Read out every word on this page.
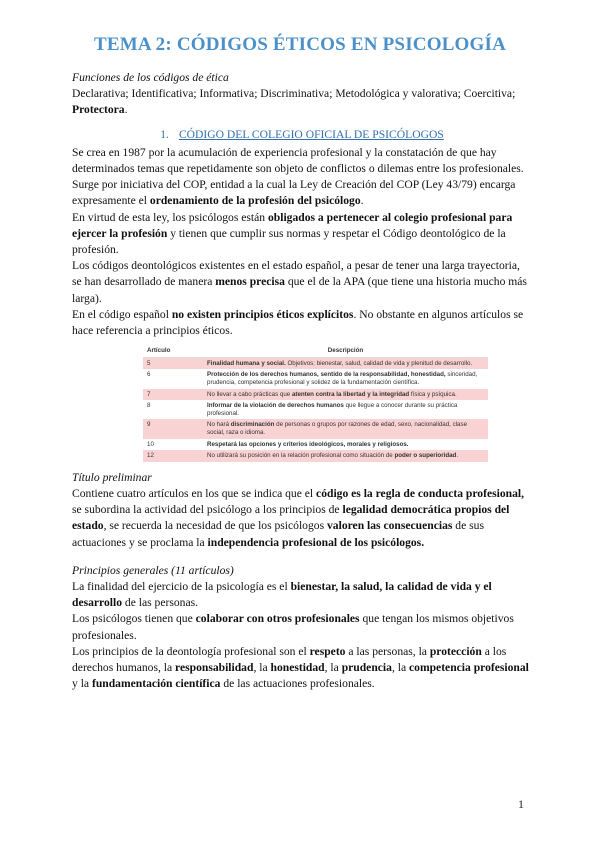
TEMA 2: CÓDIGOS ÉTICOS EN PSICOLOGÍA

Funciones de los códigos de ética

Declarativa; Identificativa; Informativa; Discriminativa; Metodológica y valorativa; Coercitiva; Protectora.

1. CÓDIGO DEL COLEGIO OFICIAL DE PSICÓLOGOS

Se crea en 1987 por la acumulación de experiencia profesional y la constatación de que hay determinados temas que repetidamente son objeto de conflictos o dilemas entre los profesionales.

Surge por iniciativa del COP, entidad a la cual la Ley de Creación del COP (Ley 43/79) encarga expresamente el ordenamiento de la profesión del psicólogo.

En virtud de esta ley, los psicólogos están obligados a pertenecer al colegio profesional para ejercer la profesión y tienen que cumplir sus normas y respetar el Código deontológico de la profesión.

Los códigos deontológicos existentes en el estado español, a pesar de tener una larga trayectoria, se han desarrollado de manera menos precisa que el de la APA (que tiene una historia mucho más larga).

En el código español no existen principios éticos explícitos. No obstante en algunos artículos se hace referencia a principios éticos.

Artículo	Descripción
5	Finalidad humana y social. Objetivos: bienestar, salud, calidad de vida y plenitud de desarrollo.
6	Protección de los derechos humanos, sentido de la responsabilidad, honestidad, sinceridad, prudencia, competencia profesional y solidez de la fundamentación científica.
7	No llevar a cabo prácticas que atenten contra la libertad y la integridad física y psíquica.
8	Informar de la violación de derechos humanos que llegue a conocer durante su práctica profesional.
9	No hará discriminación de personas o grupos por razones de edad, sexo, nacionalidad, clase social, raza o idioma.
10	Respetará las opciones y criterios ideológicos, morales y religiosos.
12	No utilizará su posición en la relación profesional como situación de poder o superioridad.

Título preliminar

Contiene cuatro artículos en los que se indica que el código es la regla de conducta profesional, se subordina la actividad del psicólogo a los principios de legalidad democrática propios del estado, se recuerda la necesidad de que los psicólogos valoren las consecuencias de sus actuaciones y se proclama la independencia profesional de los psicólogos.

Principios generales (11 artículos)

La finalidad del ejercicio de la psicología es el bienestar, la salud, la calidad de vida y el desarrollo de las personas.

Los psicólogos tienen que colaborar con otros profesionales que tengan los mismos objetivos profesionales.

Los principios de la deontología profesional son el respeto a las personas, la protección a los derechos humanos, la responsabilidad, la honestidad, la prudencia, la competencia profesional y la fundamentación científica de las actuaciones profesionales.

1
